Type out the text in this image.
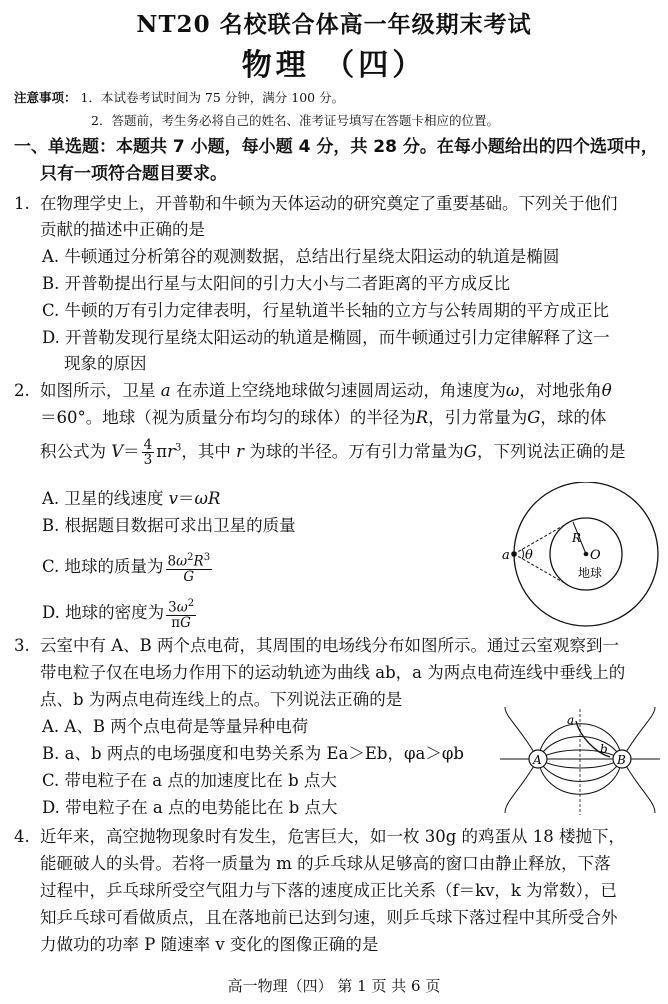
NT20 名校联合体高一年级期末考试
物理 （四）
注意事项： 1．本试卷考试时间为 75 分钟，满分 100 分。
2．答题前，考生务必将自己的姓名、准考证号填写在答题卡相应的位置。
一、单选题：本题共 7 小题，每小题 4 分，共 28 分。在每小题给出的四个选项中，
只有一项符合题目要求。
1. 在物理学史上，开普勒和牛顿为天体运动的研究奠定了重要基础。下列关于他们
贡献的描述中正确的是
A. 牛顿通过分析第谷的观测数据，总结出行星绕太阳运动的轨道是椭圆
B. 开普勒提出行星与太阳间的引力大小与二者距离的平方成反比
C. 牛顿的万有引力定律表明，行星轨道半长轴的立方与公转周期的平方成正比
D. 开普勒发现行星绕太阳运动的轨道是椭圆，而牛顿通过引力定律解释了这一
现象的原因
2. 如图所示，卫星 a 在赤道上空绕地球做匀速圆周运动，角速度为ω，对地张角θ
＝60°。地球（视为质量分布均匀的球体）的半径为R，引力常量为G，球的体
积公式为 $V= \frac{4}{3} \pi r^3$，其中 r 为球的半径。万有引力常量为G，下列说法正确的是
A. 卫星的线速度 v＝ωR
B. 根据题目数据可求出卫星的质量
C. 地球的质量为 $\frac{8\omega^2R^3}{G}$
D. 地球的密度为 $\frac{3\omega^2}{\pi G}$
a θ
R
O
地球
3. 云室中有 A、B 两个点电荷，其周围的电场线分布如图所示。通过云室观察到一
带电粒子仅在电场力作用下的运动轨迹为曲线 ab，a 为两点电荷连线中垂线上的
点、b 为两点电荷连线上的点。下列说法正确的是
A. A、B 两个点电荷是等量异种电荷
B. a、b 两点的电场强度和电势关系为 Ea＞Eb，φa＞φb
C. 带电粒子在 a 点的加速度比在 b 点大
D. 带电粒子在 a 点的电势能比在 b 点大
A	B
a
b
4. 近年来，高空抛物现象时有发生，危害巨大，如一枚 30g 的鸡蛋从 18 楼抛下，
能砸破人的头骨。若将一质量为 m 的乒乓球从足够高的窗口由静止释放，下落
过程中，乒乓球所受空气阻力与下落的速度成正比关系（f＝kv，k 为常数），已
知乒乓球可看做质点，且在落地前已达到匀速，则乒乓球下落过程中其所受合外
力做功的功率 P 随速率 v 变化的图像正确的是
高一物理（四） 第 1 页 共 6 页
